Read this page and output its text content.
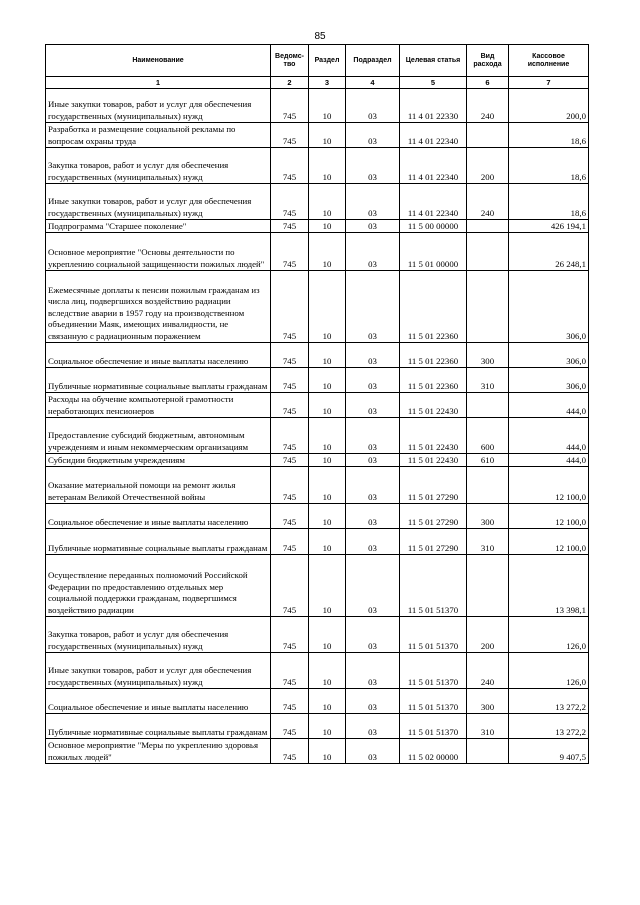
85
Наименование	Ведомс-тво	Раздел	Подраздел	Целевая статья	Вид расхода	Кассовое исполнение
1	2	3	4	5	6	7
Иные закупки товаров, работ и услуг для обеспечения государственных (муниципальных) нужд	745	10	03	11 4 01 22330	240	200,0
Разработка и размещение социальной рекламы по вопросам охраны труда	745	10	03	11 4 01 22340		18,6
Закупка товаров, работ и услуг для обеспечения государственных (муниципальных) нужд	745	10	03	11 4 01 22340	200	18,6
Иные закупки товаров, работ и услуг для обеспечения государственных (муниципальных) нужд	745	10	03	11 4 01 22340	240	18,6
Подпрограмма "Старшее поколение"	745	10	03	11 5 00 00000		426 194,1
Основное мероприятие "Основы деятельности по укреплению социальной защищенности пожилых людей"	745	10	03	11 5 01 00000		26 248,1
Ежемесячные доплаты к пенсии пожилым гражданам из числа лиц, подвергшихся воздействию радиации вследствие аварии в 1957 году на производственном объединении Маяк, имеющих инвалидности, не связанную с радиационным поражением	745	10	03	11 5 01 22360		306,0
Социальное обеспечение и иные выплаты населению	745	10	03	11 5 01 22360	300	306,0
Публичные нормативные социальные выплаты гражданам	745	10	03	11 5 01 22360	310	306,0
Расходы на обучение компьютерной грамотности неработающих пенсионеров	745	10	03	11 5 01 22430		444,0
Предоставление субсидий бюджетным, автономным учреждениям и иным некоммерческим организациям	745	10	03	11 5 01 22430	600	444,0
Субсидии бюджетным учреждениям	745	10	03	11 5 01 22430	610	444,0
Оказание материальной помощи на ремонт жилья ветеранам Великой Отечественной войны	745	10	03	11 5 01 27290		12 100,0
Социальное обеспечение и иные выплаты населению	745	10	03	11 5 01 27290	300	12 100,0
Публичные нормативные социальные выплаты гражданам	745	10	03	11 5 01 27290	310	12 100,0
Осуществление переданных полномочий Российской Федерации по предоставлению отдельных мер социальной поддержки гражданам, подвергшимся воздействию радиации	745	10	03	11 5 01 51370		13 398,1
Закупка товаров, работ и услуг для обеспечения государственных (муниципальных) нужд	745	10	03	11 5 01 51370	200	126,0
Иные закупки товаров, работ и услуг для обеспечения государственных (муниципальных) нужд	745	10	03	11 5 01 51370	240	126,0
Социальное обеспечение и иные выплаты населению	745	10	03	11 5 01 51370	300	13 272,2
Публичные нормативные социальные выплаты гражданам	745	10	03	11 5 01 51370	310	13 272,2
Основное мероприятие "Меры по укреплению здоровья пожилых людей"	745	10	03	11 5 02 00000		9 407,5
